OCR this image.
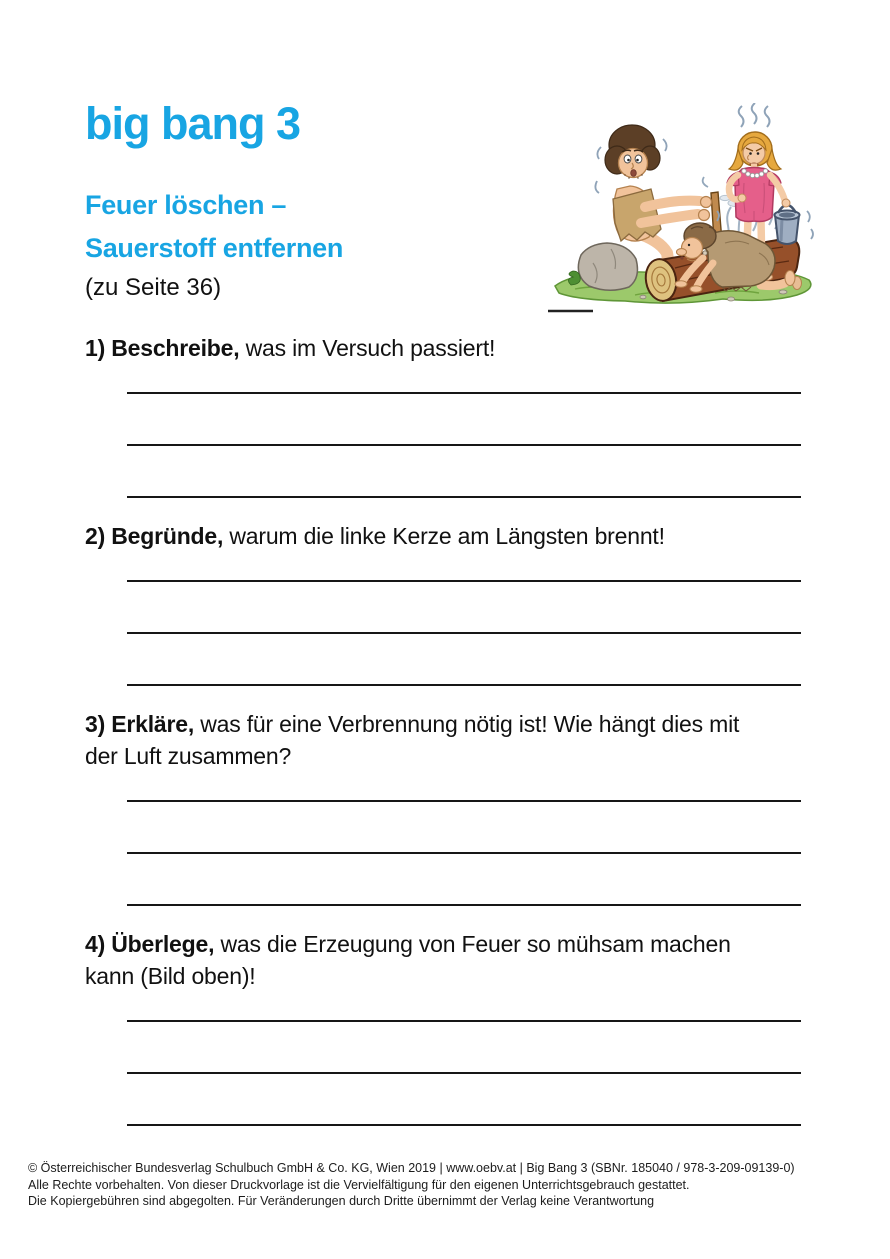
big bang 3
Feuer löschen –
Sauerstoff entfernen
(zu Seite 36)
1) Beschreibe, was im Versuch passiert!
2) Begründe, warum die linke Kerze am Längsten brennt!
3) Erkläre, was für eine Verbrennung nötig ist! Wie hängt dies mit
der Luft zusammen?
4) Überlege, was die Erzeugung von Feuer so mühsam machen
kann (Bild oben)!
© Österreichischer Bundesverlag Schulbuch GmbH & Co. KG, Wien 2019 | www.oebv.at | Big Bang 3 (SBNr. 185040 / 978-3-209-09139-0)
Alle Rechte vorbehalten. Von dieser Druckvorlage ist die Vervielfältigung für den eigenen Unterrichtsgebrauch gestattet.
Die Kopiergebühren sind abgegolten. Für Veränderungen durch Dritte übernimmt der Verlag keine Verantwortung
